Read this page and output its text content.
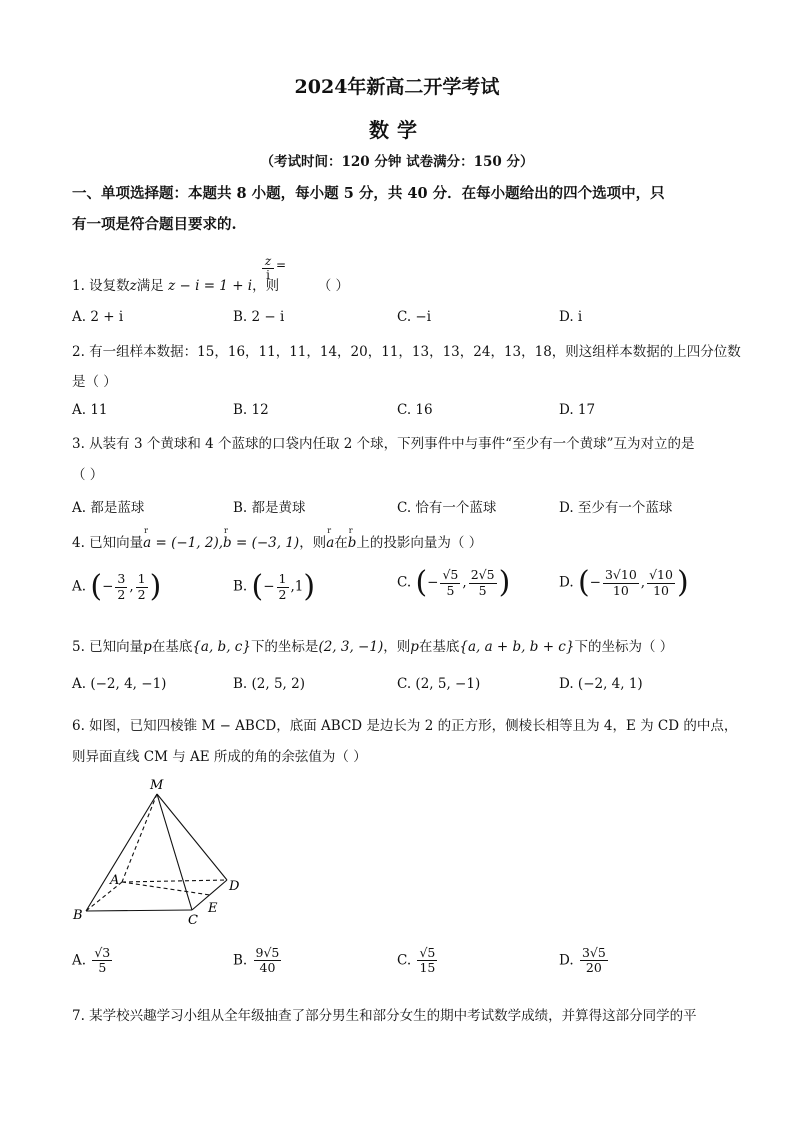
2024年新高二开学考试
数学
（考试时间：120 分钟 试卷满分：150 分）
一、单项选择题：本题共 8 小题，每小题 5 分，共 40 分．在每小题给出的四个选项中，只
有一项是符合题目要求的.
$\frac{z}{i}$ =
1. 设复数z满足 z − i = 1 + i，则	（ ）
A. 2 + i	B. 2 − i	C. −i	D. i
2. 有一组样本数据：15，16，11，11，14，20，11，13，13，24，13，18，则这组样本数据的上四分位数
是（ ）
A. 11	B. 12	C. 16	D. 17
3. 从装有 3 个黄球和 4 个蓝球的口袋内任取 2 个球，下列事件中与事件“至少有一个黄球”互为对立的是
（ ）
A. 都是蓝球	B. 都是黄球	C. 恰有一个蓝球	D. 至少有一个蓝球
4. 已知向量r a = (−1, 2),r b = (−3, 1)，则r a在r b上的投影向量为（ ）
A. (− $\frac{3}{2}$ , $\frac{1}{2}$ )	B. (− $\frac{1}{2} ,1$)	C. (− $\frac{√5}{5}$ , $\frac{2√5}{5}$ )	D. (− $\frac{3√10}{10}$ , $\frac{√10}{10}$ )
5. 已知向量p在基底{a, b, c}下的坐标是(2, 3, −1)，则p在基底{a, a + b, b + c}下的坐标为（ ）
A. (−2, 4, −1)	B. (2, 5, 2)	C. (2, 5, −1)	D. (−2, 4, 1)
6. 如图，已知四棱锥 M − ABCD，底面 ABCD 是边长为 2 的正方形，侧棱长相等且为 4，E 为 CD 的中点，
则异面直线 CM 与 AE 所成的角的余弦值为（ ）
M
A
B	C
D
E
A. $\frac{√3}{5}$	B. $\frac{9√5}{40}$	C. $\frac{√5}{15}$	D. $\frac{3√5}{20}$
7. 某学校兴趣学习小组从全年级抽查了部分男生和部分女生的期中考试数学成绩，并算得这部分同学的平
